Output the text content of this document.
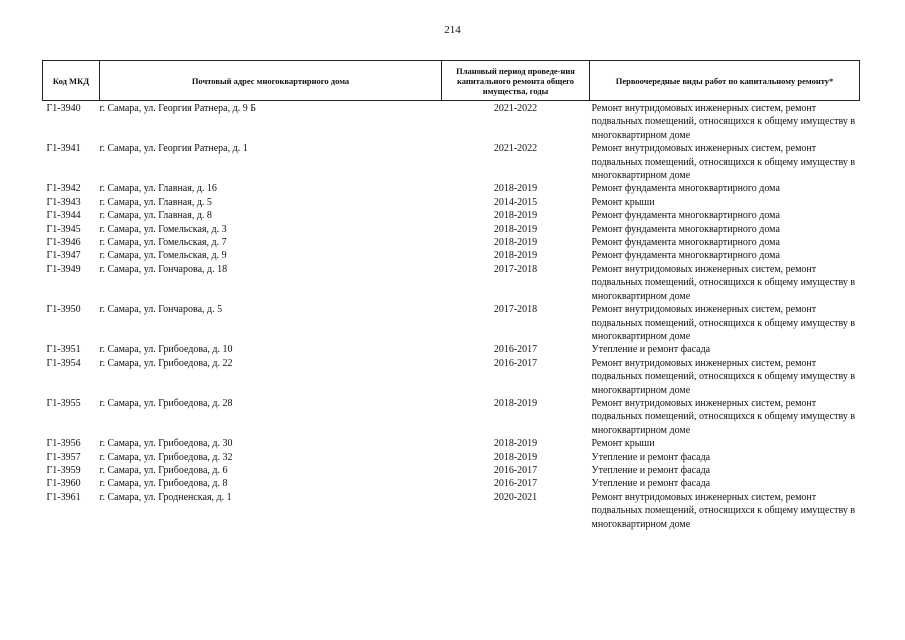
214
Код МКД	Почтовый адрес многоквартирного дома	Плановый период проведе-ния капитального ремонта общего имущества, годы	Первоочередные виды работ по капитальному ремонту*
Г1-3940	г. Самара, ул. Георгия Ратнера, д. 9 Б	2021-2022	Ремонт внутридомовых инженерных систем, ремонт подвальных помещений, относящихся к общему имуществу в многоквартирном доме
Г1-3941	г. Самара, ул. Георгия Ратнера, д. 1	2021-2022	Ремонт внутридомовых инженерных систем, ремонт подвальных помещений, относящихся к общему имуществу в многоквартирном доме
Г1-3942	г. Самара, ул. Главная, д. 16	2018-2019	Ремонт фундамента многоквартирного дома
Г1-3943	г. Самара, ул. Главная, д. 5	2014-2015	Ремонт крыши
Г1-3944	г. Самара, ул. Главная, д. 8	2018-2019	Ремонт фундамента многоквартирного дома
Г1-3945	г. Самара, ул. Гомельская, д. 3	2018-2019	Ремонт фундамента многоквартирного дома
Г1-3946	г. Самара, ул. Гомельская, д. 7	2018-2019	Ремонт фундамента многоквартирного дома
Г1-3947	г. Самара, ул. Гомельская, д. 9	2018-2019	Ремонт фундамента многоквартирного дома
Г1-3949	г. Самара, ул. Гончарова, д. 18	2017-2018	Ремонт внутридомовых инженерных систем, ремонт подвальных помещений, относящихся к общему имуществу в многоквартирном доме
Г1-3950	г. Самара, ул. Гончарова, д. 5	2017-2018	Ремонт внутридомовых инженерных систем, ремонт подвальных помещений, относящихся к общему имуществу в многоквартирном доме
Г1-3951	г. Самара, ул. Грибоедова, д. 10	2016-2017	Утепление и ремонт фасада
Г1-3954	г. Самара, ул. Грибоедова, д. 22	2016-2017	Ремонт внутридомовых инженерных систем, ремонт подвальных помещений, относящихся к общему имуществу в многоквартирном доме
Г1-3955	г. Самара, ул. Грибоедова, д. 28	2018-2019	Ремонт внутридомовых инженерных систем, ремонт подвальных помещений, относящихся к общему имуществу в многоквартирном доме
Г1-3956	г. Самара, ул. Грибоедова, д. 30	2018-2019	Ремонт крыши
Г1-3957	г. Самара, ул. Грибоедова, д. 32	2018-2019	Утепление и ремонт фасада
Г1-3959	г. Самара, ул. Грибоедова, д. 6	2016-2017	Утепление и ремонт фасада
Г1-3960	г. Самара, ул. Грибоедова, д. 8	2016-2017	Утепление и ремонт фасада
Г1-3961	г. Самара, ул. Гродненская, д. 1	2020-2021	Ремонт внутридомовых инженерных систем, ремонт подвальных помещений, относящихся к общему имуществу в многоквартирном доме
